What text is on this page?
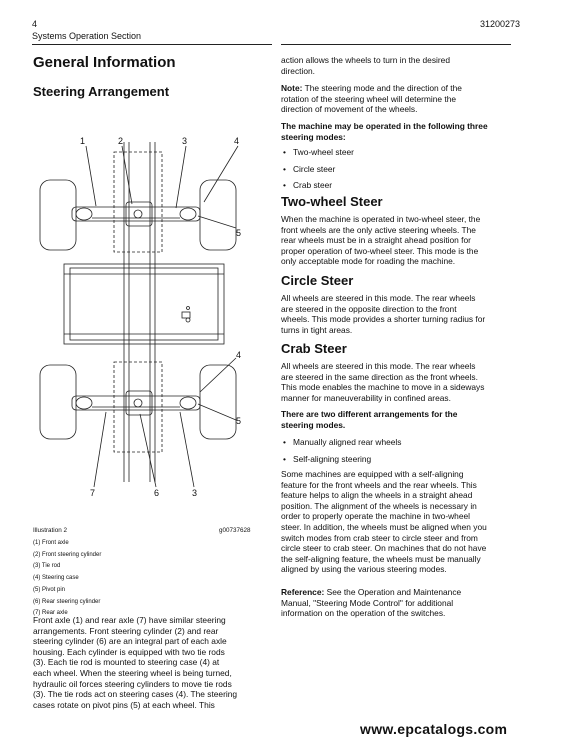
4	31200273
Systems Operation Section
General Information
Steering Arrangement
1	2	3	4
5
4
5
7	6	3
Illustration 2	g00737628
(1) Front axle
(2) Front steering cylinder
(3) Tie rod
(4) Steering case
(5) Pivot pin
(6) Rear steering cylinder
(7) Rear axle
Front axle (1) and rear axle (7) have similar steering
arrangements. Front steering cylinder (2) and rear
steering cylinder (6) are an integral part of each axle
housing. Each cylinder is equipped with two tie rods
(3). Each tie rod is mounted to steering case (4) at
each wheel. When the steering wheel is being turned,
hydraulic oil forces steering cylinders to move tie rods
(3). The tie rods act on steering cases (4). The steering
cases rotate on pivot pins (5) at each wheel. This
action allows the wheels to turn in the desired
direction.
Note: The steering mode and the direction of the
rotation of the steering wheel will determine the
direction of movement of the wheels.
The machine may be operated in the following three
steering modes:
• Two-wheel steer
• Circle steer
• Crab steer
Two-wheel Steer
When the machine is operated in two-wheel steer, the
front wheels are the only active steering wheels. The
rear wheels must be in a straight ahead position for
proper operation of two-wheel steer. This mode is the
only acceptable mode for roading the machine.
Circle Steer
All wheels are steered in this mode. The rear wheels
are steered in the opposite direction to the front
wheels. This mode provides a shorter turning radius for
turns in tight areas.
Crab Steer
All wheels are steered in this mode. The rear wheels
are steered in the same direction as the front wheels.
This mode enables the machine to move in a sideways
manner for maneuverability in confined areas.
There are two different arrangements for the
steering modes.
• Manually aligned rear wheels
• Self-aligning steering
Some machines are equipped with a self-aligning
feature for the front wheels and the rear wheels. This
feature helps to align the wheels in a straight ahead
position. The alignment of the wheels is necessary in
order to properly operate the machine in two-wheel
steer. In addition, the wheels must be aligned when you
switch modes from crab steer to circle steer and from
circle steer to crab steer. On machines that do not have
the self-aligning feature, the wheels must be manually
aligned by using the various steering modes.
Reference: See the Operation and Maintenance
Manual, "Steering Mode Control" for additional
information on the operation of the switches.
www.epcatalogs.com
